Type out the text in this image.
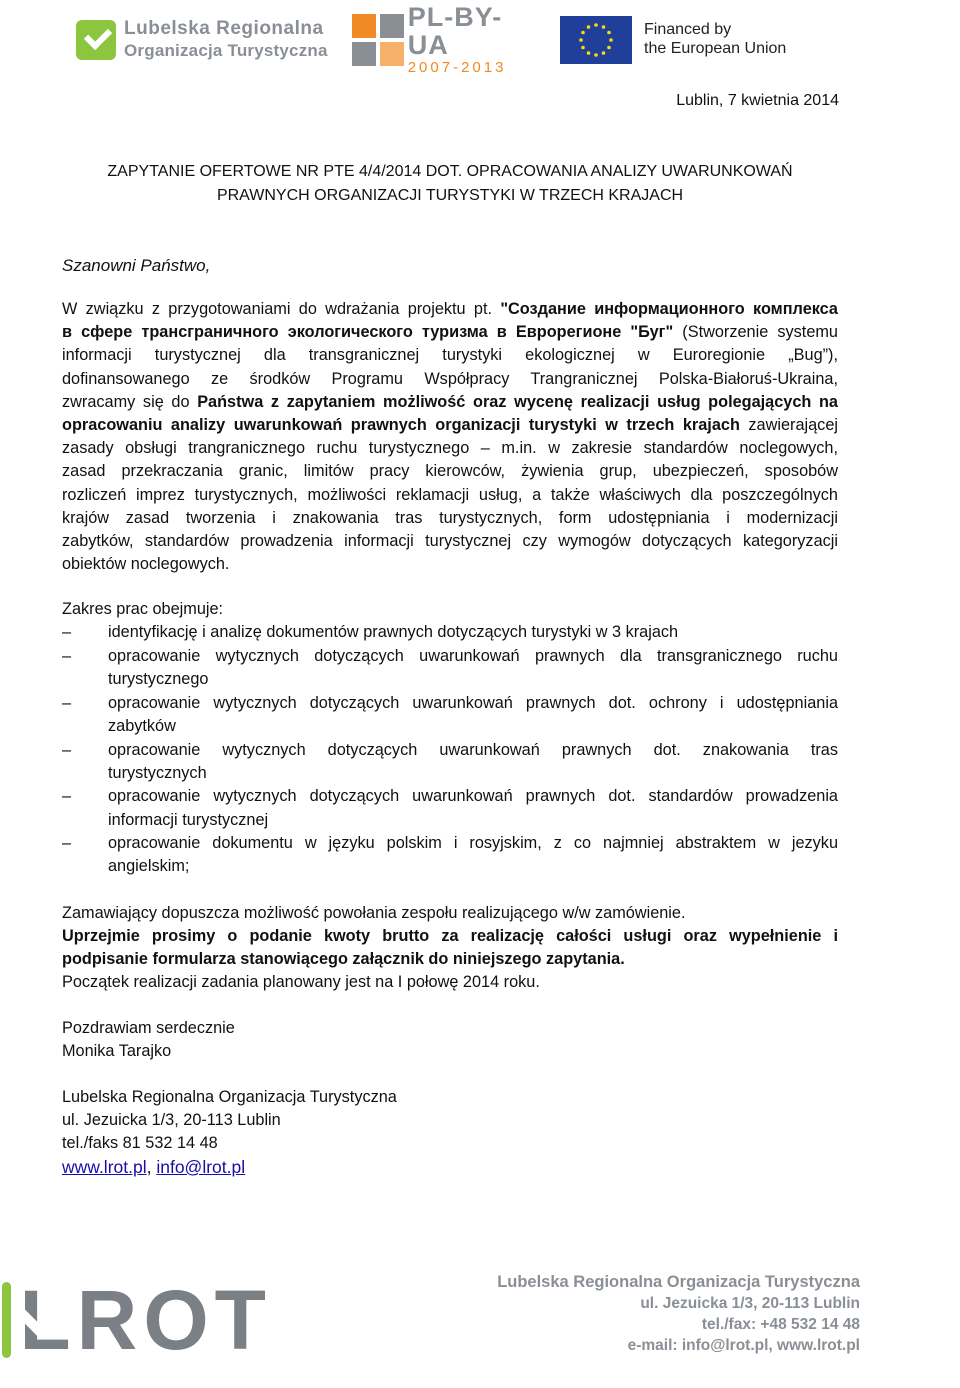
Lubelska Regionalna
Organizacja Turystyczna
PL-BY-UA
2007-2013
Financed by
the European Union
Lublin, 7 kwietnia 2014
ZAPYTANIE OFERTOWE NR PTE 4/4/2014 DOT. OPRACOWANIA ANALIZY UWARUNKOWAŃ
PRAWNYCH ORGANIZACJI TURYSTYKI W TRZECH KRAJACH
Szanowni Państwo,
W związku z przygotowaniami do wdrażania projektu pt. "Создание информационного комплекса
в сфере трансграничного экологического туризма в Еврорегионе "Буг" (Stworzenie systemu
informacji turystycznej dla transgranicznej turystyki ekologicznej w Euroregionie „Bug”),
dofinansowanego ze środków Programu Współpracy Trangranicznej Polska-Białoruś-Ukraina,
zwracamy się do Państwa z zapytaniem możliwość oraz wycenę realizacji usług polegających na
opracowaniu analizy uwarunkowań prawnych organizacji turystyki w trzech krajach zawierającej
zasady obsługi trangranicznego ruchu turystycznego – m.in. w zakresie standardów noclegowych,
zasad przekraczania granic, limitów pracy kierowców, żywienia grup, ubezpieczeń, sposobów
rozliczeń imprez turystycznych, możliwości reklamacji usług, a także właściwych dla poszczególnych
krajów zasad tworzenia i znakowania tras turystycznych, form udostępniania i modernizacji
zabytków, standardów prowadzenia informacji turystycznej czy wymogów dotyczących kategoryzacji
obiektów noclegowych.
Zakres prac obejmuje:
–	identyfikację i analizę dokumentów prawnych dotyczących turystyki w 3 krajach
–	opracowanie wytycznych dotyczących uwarunkowań prawnych dla transgranicznego ruchu
turystycznego
–	opracowanie wytycznych dotyczących uwarunkowań prawnych dot. ochrony i udostępniania
zabytków
–	opracowanie wytycznych dotyczących uwarunkowań prawnych dot. znakowania tras
turystycznych
–	opracowanie wytycznych dotyczących uwarunkowań prawnych dot. standardów prowadzenia
informacji turystycznej
–	opracowanie dokumentu w języku polskim i rosyjskim, z co najmniej abstraktem w jezyku
angielskim;
Zamawiający dopuszcza możliwość powołania zespołu realizującego w/w zamówienie.
Uprzejmie prosimy o podanie kwoty brutto za realizację całości usługi oraz wypełnienie i
podpisanie formularza stanowiącego załącznik do niniejszego zapytania.
Początek realizacji zadania planowany jest na I połowę 2014 roku.
Pozdrawiam serdecznie
Monika Tarajko
Lubelska Regionalna Organizacja Turystyczna
ul. Jezuicka 1/3, 20-113 Lublin
tel./faks 81 532 14 48
www.lrot.pl, info@lrot.pl
LROT	Lubelska Regionalna Organizacja Turystyczna
ul. Jezuicka 1/3, 20-113 Lublin
tel./fax: +48 532 14 48
e-mail: info@lrot.pl, www.lrot.pl
